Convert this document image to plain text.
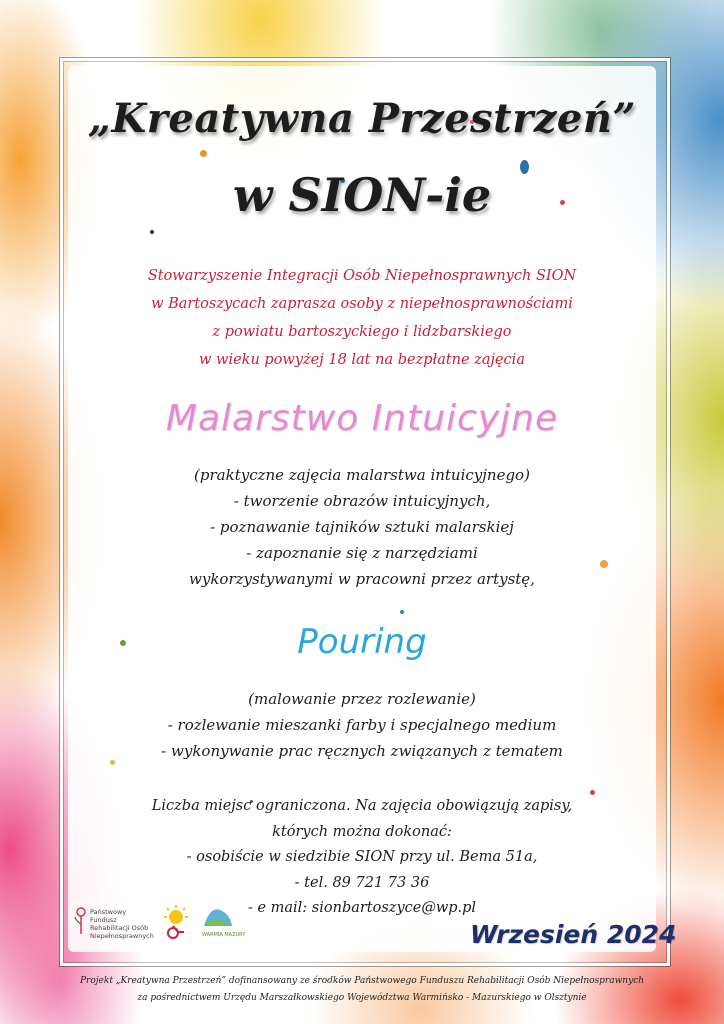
„Kreatywna Przestrzeń”
w SION-ie
Stowarzyszenie Integracji Osób Niepełnosprawnych SION
w Bartoszycach zaprasza osoby z niepełnosprawnościami
z powiatu bartoszyckiego i lidzbarskiego
w wieku powyżej 18 lat na bezpłatne zajęcia
Malarstwo Intuicyjne
(praktyczne zajęcia malarstwa intuicyjnego)
- tworzenie obrazów intuicyjnych,
- poznawanie tajników sztuki malarskiej
- zapoznanie się z narzędziami
wykorzystywanymi w pracowni przez artystę,
Pouring
(malowanie przez rozlewanie)
- rozlewanie mieszanki farby i specjalnego medium
- wykonywanie prac ręcznych związanych z tematem
Liczba miejsc ograniczona. Na zajęcia obowiązują zapisy,
których można dokonać:
- osobiście w siedzibie SION przy ul. Bema 51a,
- tel. 89 721 73 36
- e mail: sionbartoszyce@wp.pl
Państwowy Fundusz Rehabilitacji Osób Niepełnosprawnych	WARMIA MAZURY	Wrzesień 2024
Projekt „Kreatywna Przestrzeń” dofinansowany ze środków Państwowego Funduszu Rehabilitacji Osób Niepełnosprawnych
za pośrednictwem Urzędu Marszałkowskiego Województwa Warmińsko - Mazurskiego w Olsztynie
